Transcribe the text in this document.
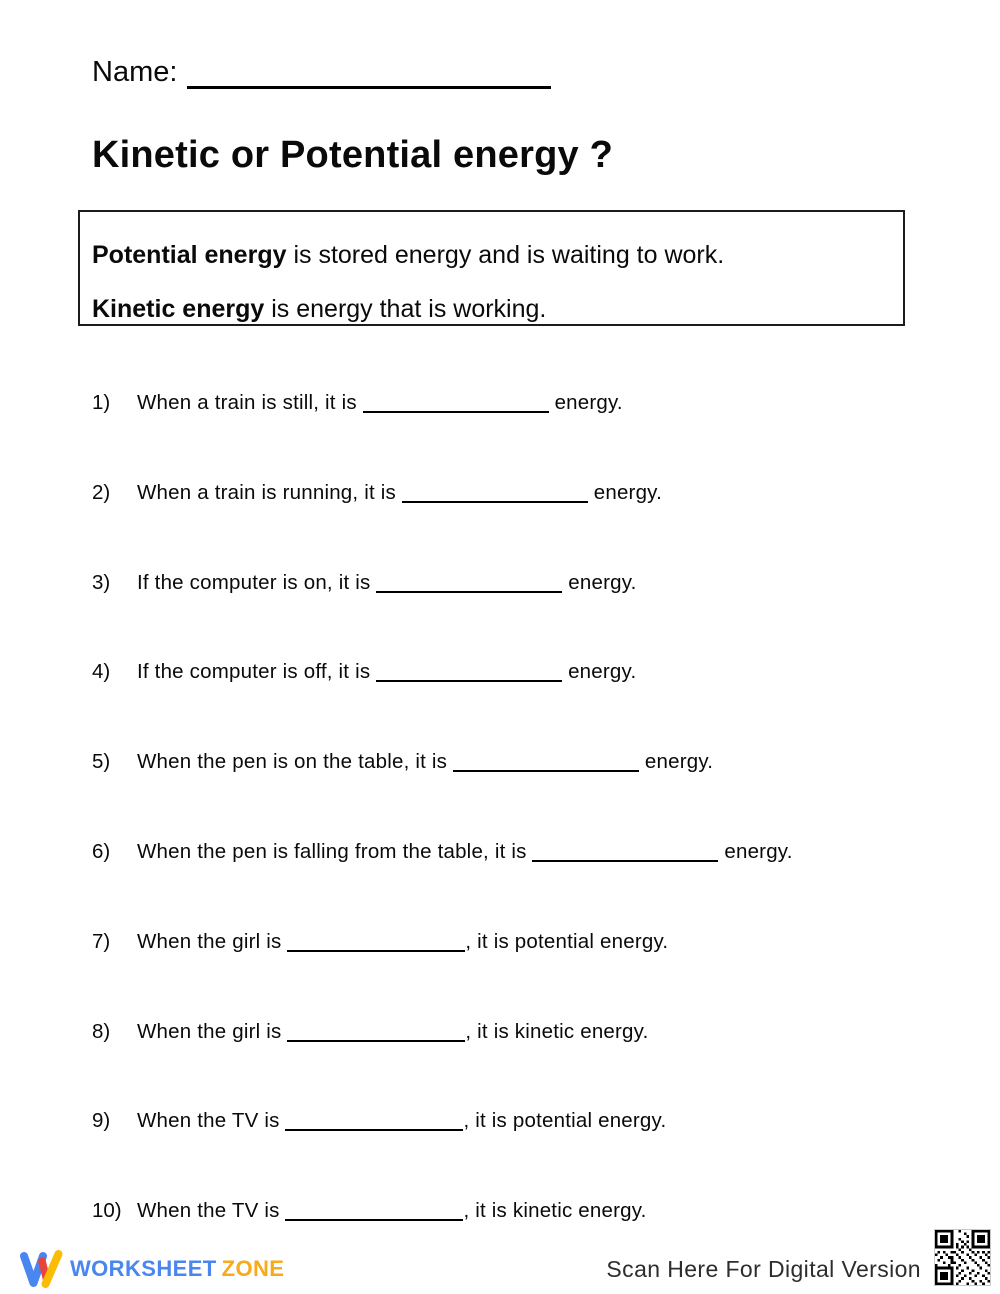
Name:
Kinetic or Potential energy ?
Potential energy is stored energy and is waiting to work.
Kinetic energy is energy that is working.
1)	When a train is still, it is	energy.
2)	When a train is running, it is	energy.
3)	If the computer is on, it is	energy.
4)	If the computer is off, it is	energy.
5)	When the pen is on the table, it is	energy.
6)	When the pen is falling from the table, it is	energy.
7)	When the girl is	, it is potential energy.
8)	When the girl is	, it is kinetic energy.
9)	When the TV is	, it is potential energy.
10) When the TV is	, it is kinetic energy.
WORKSHEET ZONE	Scan Here For Digital Version
